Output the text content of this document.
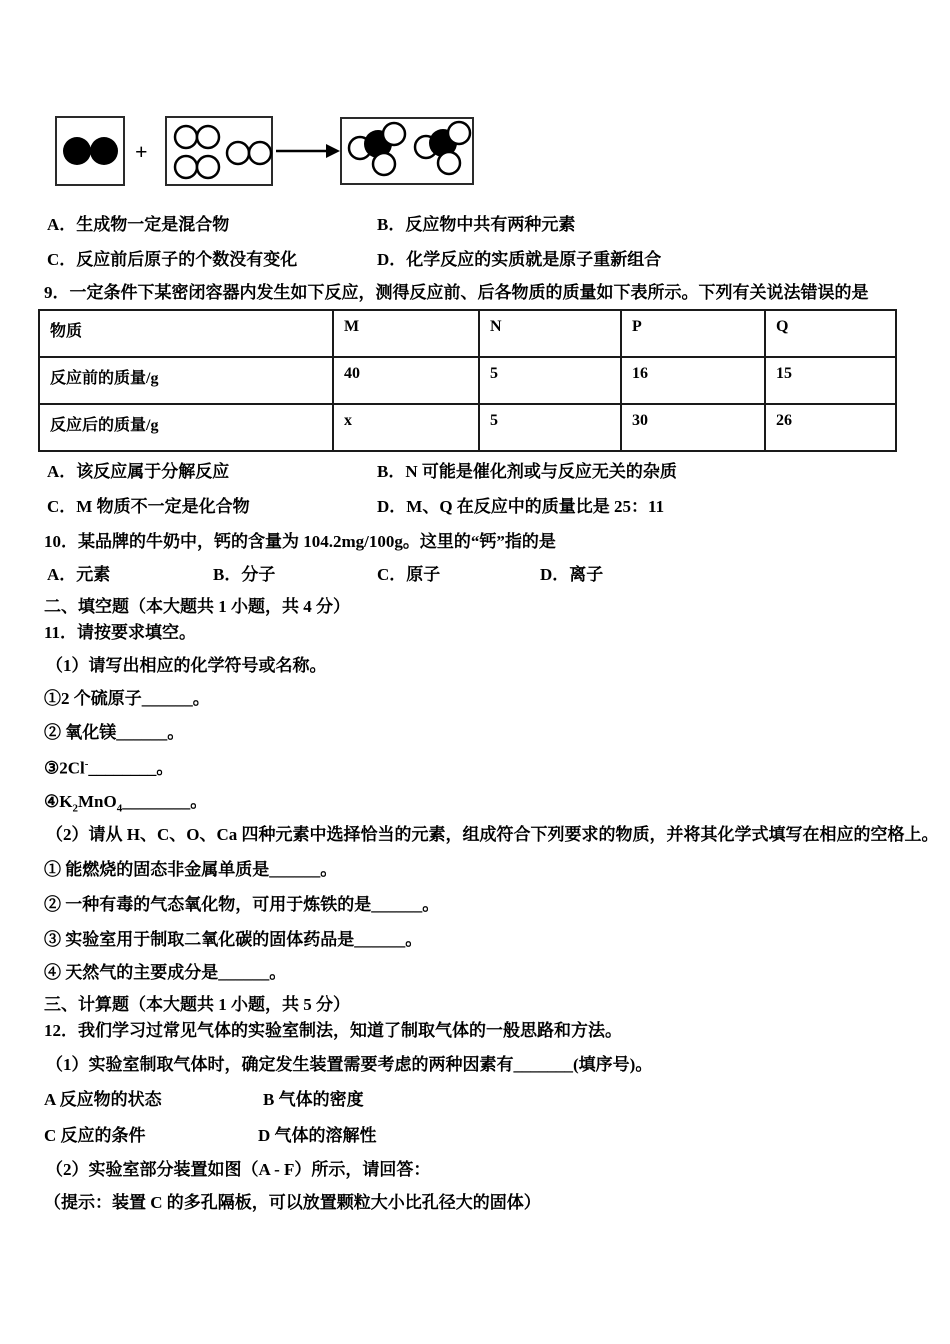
+
A．生成物一定是混合物	B．反应物中共有两种元素
C．反应前后原子的个数没有变化	D．化学反应的实质就是原子重新组合
9．一定条件下某密闭容器内发生如下反应，测得反应前、后各物质的质量如下表所示。下列有关说法错误的是
物质	M	N	P	Q
反应前的质量/g	40	5	16	15
反应后的质量/g	x	5	30	26
A．该反应属于分解反应	B．N 可能是催化剂或与反应无关的杂质
C．M 物质不一定是化合物	D．M、Q 在反应中的质量比是 25：11
10．某品牌的牛奶中，钙的含量为 104.2mg/100g。这里的“钙”指的是
A．元素	B．分子	C．原子	D．离子
二、填空题（本大题共 1 小题，共 4 分）
11．请按要求填空。
（1）请写出相应的化学符号或名称。
①2 个硫原子______。
② 氧化镁______。
③2Cl-________。
$④K_2MnO_4\_\_\_\_\_\_\_\_$。
（2）请从 H、C、O、Ca 四种元素中选择恰当的元素，组成符合下列要求的物质，并将其化学式填写在相应的空格上。
① 能燃烧的固态非金属单质是______。
② 一种有毒的气态氧化物，可用于炼铁的是______。
③ 实验室用于制取二氧化碳的固体药品是______。
④ 天然气的主要成分是______。
三、计算题（本大题共 1 小题，共 5 分）
12．我们学习过常见气体的实验室制法，知道了制取气体的一般思路和方法。
（1）实验室制取气体时，确定发生装置需要考虑的两种因素有_______(填序号)。
A 反应物的状态	B 气体的密度
C 反应的条件	D 气体的溶解性
（2）实验室部分装置如图（A - F）所示，请回答：
（提示：装置 C 的多孔隔板，可以放置颗粒大小比孔径大的固体）
